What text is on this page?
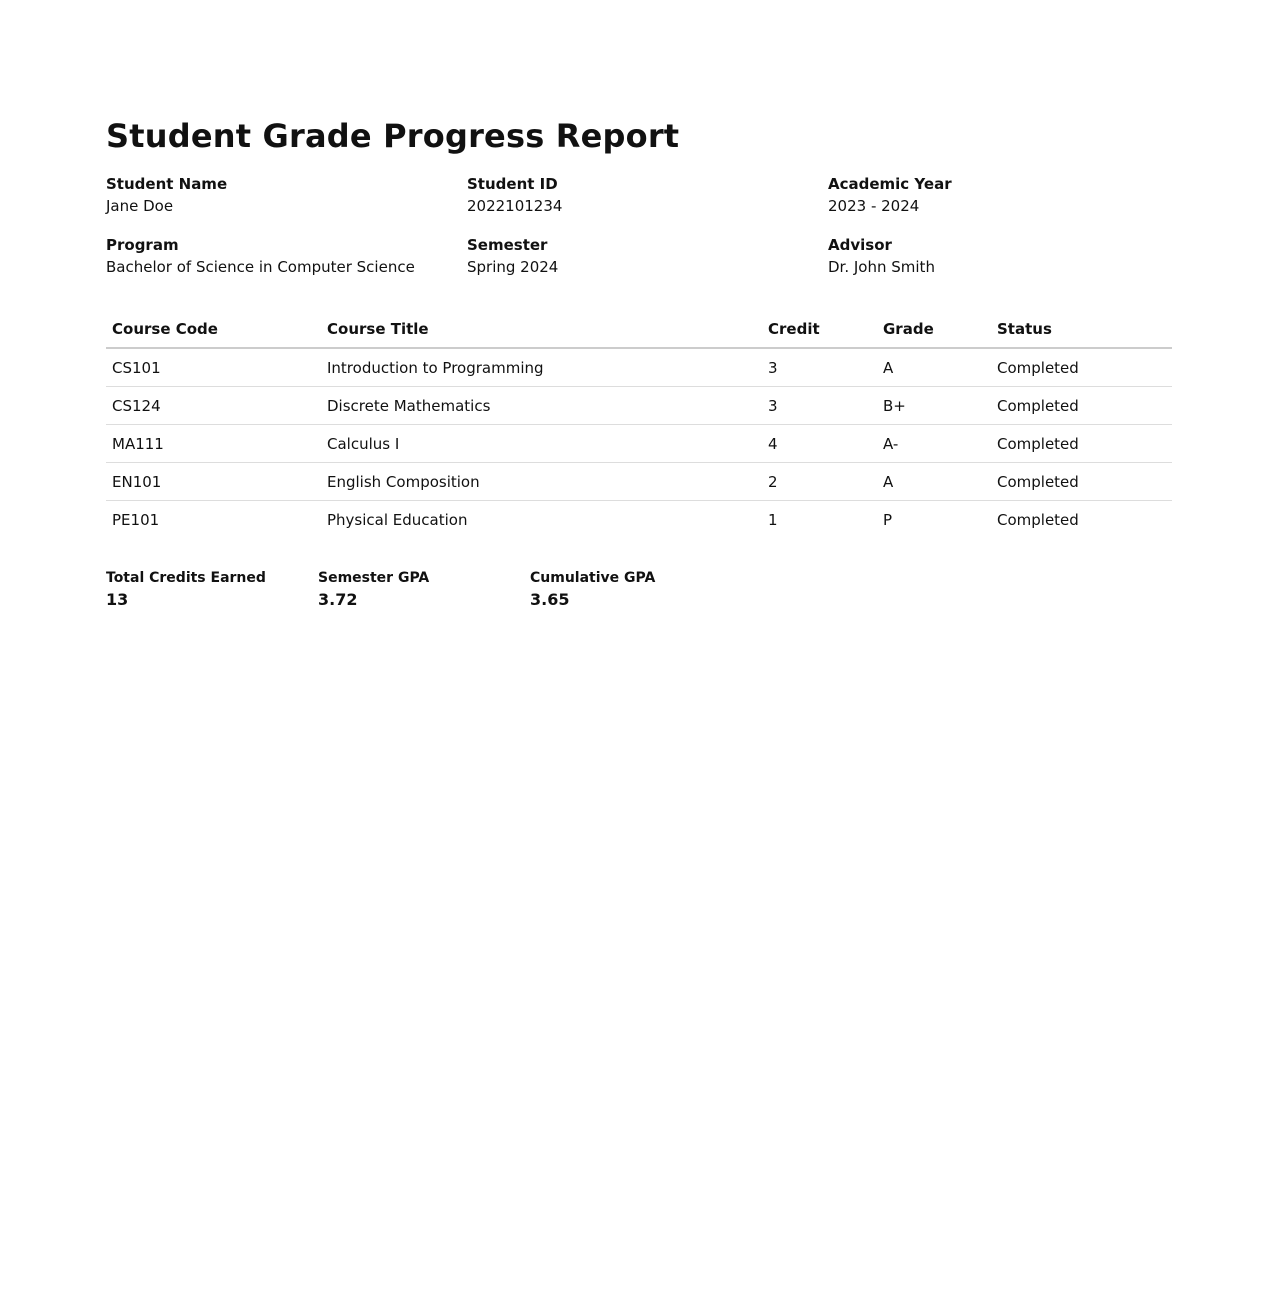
Student Grade Progress Report
Student Name
Jane Doe
Student ID
2022101234
Academic Year
2023 - 2024
Program
Bachelor of Science in Computer Science
Semester
Spring 2024
Advisor
Dr. John Smith
Course Code	Course Title	Credit	Grade	Status
CS101	Introduction to Programming	3	A	Completed
CS124	Discrete Mathematics	3	B+	Completed
MA111	Calculus I	4	A-	Completed
EN101	English Composition	2	A	Completed
PE101	Physical Education	1	P	Completed
Total Credits Earned
13
Semester GPA
3.72
Cumulative GPA
3.65
